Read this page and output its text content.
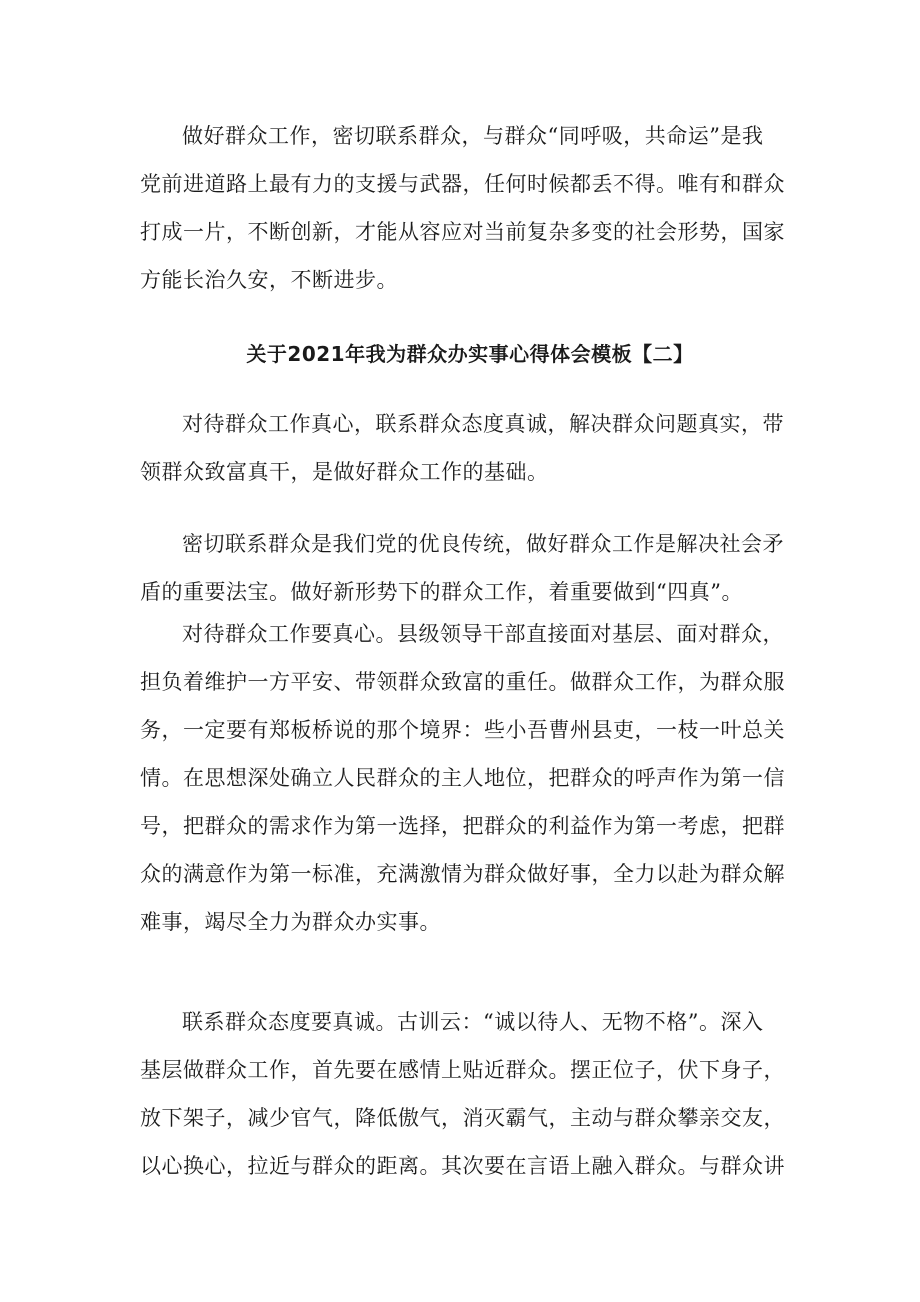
做好群众工作，密切联系群众，与群众“同呼吸，共命运”是我
党前进道路上最有力的支援与武器，任何时候都丢不得。唯有和群众
打成一片，不断创新，才能从容应对当前复杂多变的社会形势，国家
方能长治久安，不断进步。
关于2021年我为群众办实事心得体会模板【二】
对待群众工作真心，联系群众态度真诚，解决群众问题真实，带
领群众致富真干，是做好群众工作的基础。
密切联系群众是我们党的优良传统，做好群众工作是解决社会矛
盾的重要法宝。做好新形势下的群众工作，着重要做到“四真”。
对待群众工作要真心。县级领导干部直接面对基层、面对群众，
担负着维护一方平安、带领群众致富的重任。做群众工作，为群众服
务，一定要有郑板桥说的那个境界：些小吾曹州县吏，一枝一叶总关
情。在思想深处确立人民群众的主人地位，把群众的呼声作为第一信
号，把群众的需求作为第一选择，把群众的利益作为第一考虑，把群
众的满意作为第一标准，充满激情为群众做好事，全力以赴为群众解
难事，竭尽全力为群众办实事。
联系群众态度要真诚。古训云：“诚以待人、无物不格”。深入
基层做群众工作，首先要在感情上贴近群众。摆正位子，伏下身子，
放下架子，减少官气，降低傲气，消灭霸气，主动与群众攀亲交友，
以心换心，拉近与群众的距离。其次要在言语上融入群众。与群众讲
